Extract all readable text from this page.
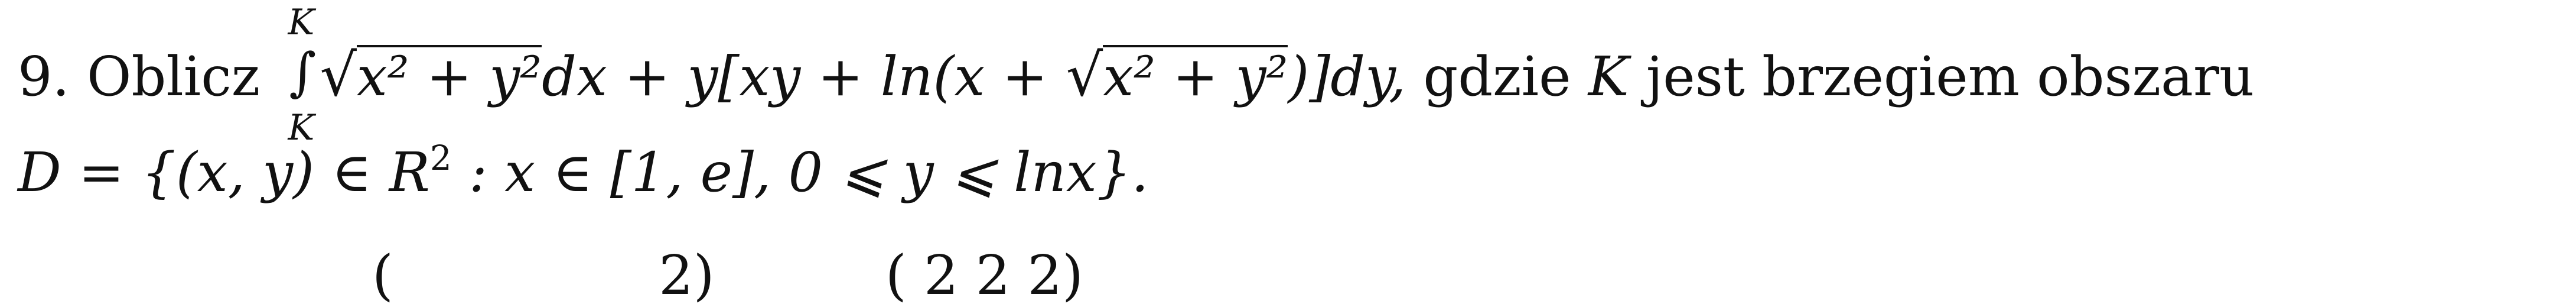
9. Oblicz
K
∫
K
√x² + y²dx + y[xy + ln(x + √x² + y²)]dy, gdzie K jest brzegiem obszaru
D = {(x, y) ∈ $R^2$ : x ∈ [1, e], 0 ⩽ y ⩽ lnx}.
(	2)	( 2 2 2)
